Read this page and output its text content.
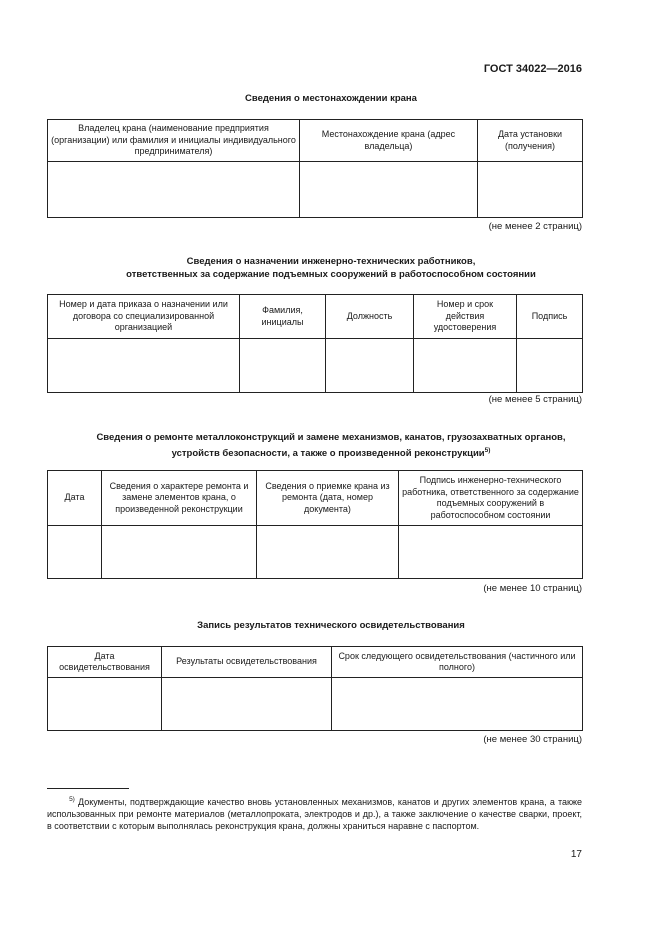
ГОСТ 34022—2016
Сведения о местонахождении крана
Владелец крана (наименование предприятия (организации) или фамилия и инициалы индивидуального предпринимателя)	Местонахождение крана (адрес владельца)	Дата установки (получения)

(не менее 2 страниц)
Сведения о назначении инженерно-технических работников,
ответственных за содержание подъемных сооружений в работоспособном состоянии
Номер и дата приказа о назначении или договора со специализированной организацией	Фамилия, инициалы	Должность	Номер и срок действия удостоверения	Подпись

(не менее 5 страниц)
Сведения о ремонте металлоконструкций и замене механизмов, канатов, грузозахватных органов,
устройств безопасности, а также о произведенной реконструкции$^{5)}$
Дата	Сведения о характере ремонта и замене элементов крана, о произведенной реконструкции	Сведения о приемке крана из ремонта (дата, номер документа)	Подпись инженерно-технического работника, ответственного за содержание подъемных сооружений в работоспособном состоянии

(не менее 10 страниц)
Запись результатов технического освидетельствования
Дата освидетельствования	Результаты освидетельствования	Срок следующего освидетельствования (частичного или полного)

(не менее 30 страниц)
$^{5)}$ Документы, подтверждающие качество вновь установленных механизмов, канатов и других элементов крана, а также использованных при ремонте материалов (металлопроката, электродов и др.), а также заключение о качестве сварки, проект, в соответствии с которым выполнялась реконструкция крана, должны храниться наравне с паспортом.
17
